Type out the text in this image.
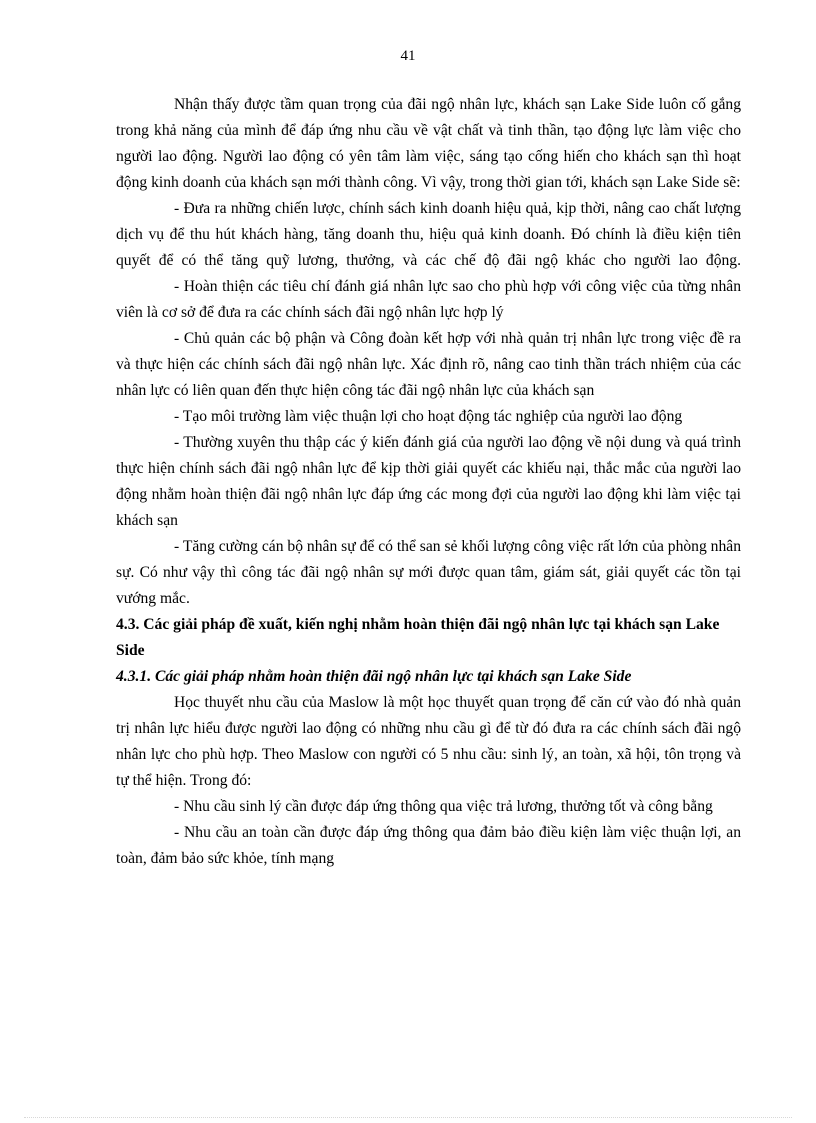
41

Nhận thấy được tầm quan trọng của đãi ngộ nhân lực, khách sạn Lake Side luôn cố gắng trong khả năng của mình để đáp ứng nhu cầu về vật chất và tinh thần, tạo động lực làm việc cho người lao động. Người lao động có yên tâm làm việc, sáng tạo cống hiến cho khách sạn thì hoạt động kinh doanh của khách sạn mới thành công. Vì vậy, trong thời gian tới, khách sạn Lake Side sẽ:

- Đưa ra những chiến lược, chính sách kinh doanh hiệu quả, kịp thời, nâng cao chất lượng dịch vụ để thu hút khách hàng, tăng doanh thu, hiệu quả kinh doanh. Đó chính là điều kiện tiên quyết để có thể tăng quỹ lương, thưởng, và các chế độ đãi ngộ khác cho người lao động.

- Hoàn thiện các tiêu chí đánh giá nhân lực sao cho phù hợp với công việc của từng nhân viên là cơ sở để đưa ra các chính sách đãi ngộ nhân lực hợp lý

- Chủ quản các bộ phận và Công đoàn kết hợp với nhà quản trị nhân lực trong việc đề ra và thực hiện các chính sách đãi ngộ nhân lực. Xác định rõ, nâng cao tinh thần trách nhiệm của các nhân lực có liên quan đến thực hiện công tác đãi ngộ nhân lực của khách sạn

- Tạo môi trường làm việc thuận lợi cho hoạt động tác nghiệp của người lao động

- Thường xuyên thu thập các ý kiến đánh giá của người lao động về nội dung và quá trình thực hiện chính sách đãi ngộ nhân lực để kịp thời giải quyết các khiếu nại, thắc mắc của người lao động nhằm hoàn thiện đãi ngộ nhân lực đáp ứng các mong đợi của người lao động khi làm việc tại khách sạn

- Tăng cường cán bộ nhân sự để có thể san sẻ khối lượng công việc rất lớn của phòng nhân sự. Có như vậy thì công tác đãi ngộ nhân sự mới được quan tâm, giám sát, giải quyết các tồn tại vướng mắc.

4.3. Các giải pháp đề xuất, kiến nghị nhằm hoàn thiện đãi ngộ nhân lực tại khách sạn Lake Side

4.3.1. Các giải pháp nhằm hoàn thiện đãi ngộ nhân lực tại khách sạn Lake Side

Học thuyết nhu cầu của Maslow là một học thuyết quan trọng để căn cứ vào đó nhà quản trị nhân lực hiểu được người lao động có những nhu cầu gì để từ đó đưa ra các chính sách đãi ngộ nhân lực cho phù hợp. Theo Maslow con người có 5 nhu cầu: sinh lý, an toàn, xã hội, tôn trọng và tự thể hiện. Trong đó:

- Nhu cầu sinh lý cần được đáp ứng thông qua việc trả lương, thưởng tốt và công bằng

- Nhu cầu an toàn cần được đáp ứng thông qua đảm bảo điều kiện làm việc thuận lợi, an toàn, đảm bảo sức khỏe, tính mạng
